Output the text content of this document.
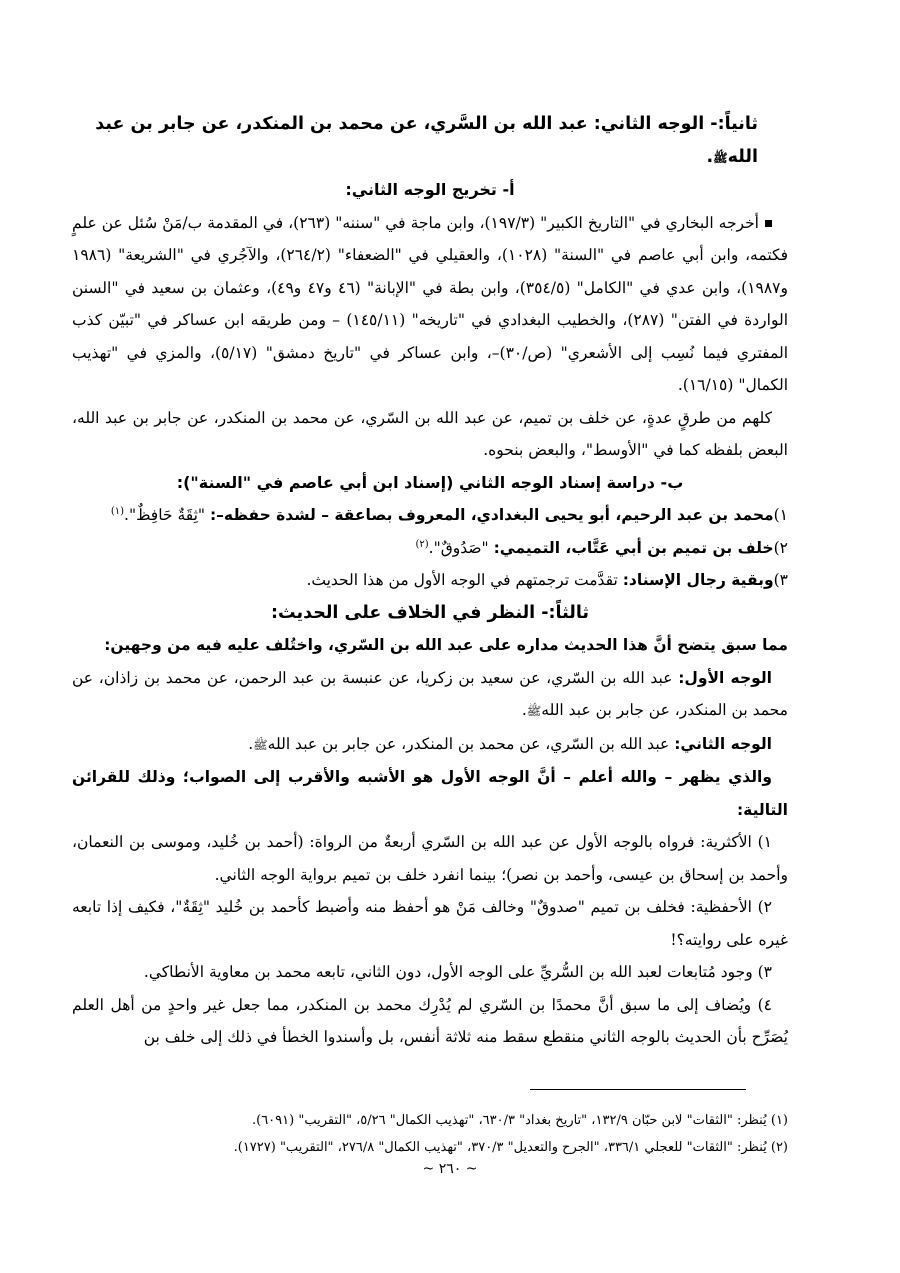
ثانياً:- الوجه الثاني: عبد الله بن السَّري، عن محمد بن المنكدر، عن جابر بن عبد اللهﷺ.

أ- تخريج الوجه الثاني:

أخرجه البخاري في "التاريخ الكبير" (١٩٧/٣)، وابن ماجة في "سننه" (٢٦٣)، في المقدمة ب/مَنْ سُئل عن علمٍ فكتمه، وابن أبي عاصم في "السنة" (١٠٢٨)، والعقيلي في "الضعفاء" (٢٦٤/٢)، والآجُري في "الشريعة" (١٩٨٦ و١٩٨٧)، وابن عدي في "الكامل" (٣٥٤/٥)، وابن بطة في "الإبانة" (٤٦ و٤٧ و٤٩)، وعثمان بن سعيد في "السنن الواردة في الفتن" (٢٨٧)، والخطيب البغدادي في "تاريخه" (١٤٥/١١) – ومن طريقه ابن عساكر في "تبيّن كذب المفتري فيما نُسِب إلى الأشعري" (ص/٣٠)–، وابن عساكر في "تاريخ دمشق" (٥/١٧)، والمزي في "تهذيب الكمال" (١٦/١٥).

كلهم من طرقٍ عدةٍ، عن خلف بن تميم، عن عبد الله بن السّري، عن محمد بن المنكدر، عن جابر بن عبد الله، البعض بلفظه كما في "الأوسط"، والبعض بنحوه.

ب- دراسة إسناد الوجه الثاني (إسناد ابن أبي عاصم في "السنة"):

١)محمد بن عبد الرحيم، أبو يحيى البغدادي، المعروف بصاعقة – لشدة حفظه–: "ثِقَةٌ حَافِظٌ".$^{(١)}$

٢)خلف بن تميم بن أبي عَتَّاب، التميمي: "صَدُوقٌ".$^{(٢)}$

٣)وبقية رجال الإسناد: تقدَّمت ترجمتهم في الوجه الأول من هذا الحديث.

ثالثاً:- النظر في الخلاف على الحديث:

مما سبق يتضح أنَّ هذا الحديث مداره على عبد الله بن السّري، واختُلف عليه فيه من وجهين:

الوجه الأول: عبد الله بن السّري، عن سعيد بن زكريا، عن عنبسة بن عبد الرحمن، عن محمد بن زاذان، عن محمد بن المنكدر، عن جابر بن عبد اللهﷺ.

الوجه الثاني: عبد الله بن السّري، عن محمد بن المنكدر، عن جابر بن عبد اللهﷺ.

والذي يظهر – والله أعلم – أنَّ الوجه الأول هو الأشبه والأقرب إلى الصواب؛ وذلك للقرائن التالية:

١) الأكثرية: فرواه بالوجه الأول عن عبد الله بن السّري أربعةٌ من الرواة: (أحمد بن خُليد، وموسى بن النعمان، وأحمد بن إسحاق بن عيسى، وأحمد بن نصر)؛ بينما انفرد خلف بن تميم برواية الوجه الثاني.

٢) الأحفظية: فخلف بن تميم "صدوقٌ" وخالف مَنْ هو أحفظ منه وأضبط كأحمد بن خُليد "ثِقَةٌ"، فكيف إذا تابعه غيره على روايته؟!

٣) وجود مُتابعات لعبد الله بن السُّريِّ على الوجه الأول، دون الثاني، تابعه محمد بن معاوية الأنطاكي.

٤) ويُضاف إلى ما سبق أنَّ محمدًا بن السّري لم يُدْرِك محمد بن المنكدر، مما جعل غير واحدٍ من أهل العلم يُصَرِّح بأن الحديث بالوجه الثاني منقطع سقط منه ثلاثة أنفس، بل وأسندوا الخطأ في ذلك إلى خلف بن

(١) يُنظر: "الثقات" لابن حبّان ١٣٢/٩، "تاريخ بغداد" ٦٣٠/٣، "تهذيب الكمال" ٥/٢٦، "التقريب" (٦٠٩١).

(٢) يُنظر: "الثقات" للعجلي ٣٣٦/١، "الجرح والتعديل" ٣٧٠/٣، "تهذيب الكمال" ٢٧٦/٨، "التقريب" (١٧٢٧).

~ ٢٦٠ ~
